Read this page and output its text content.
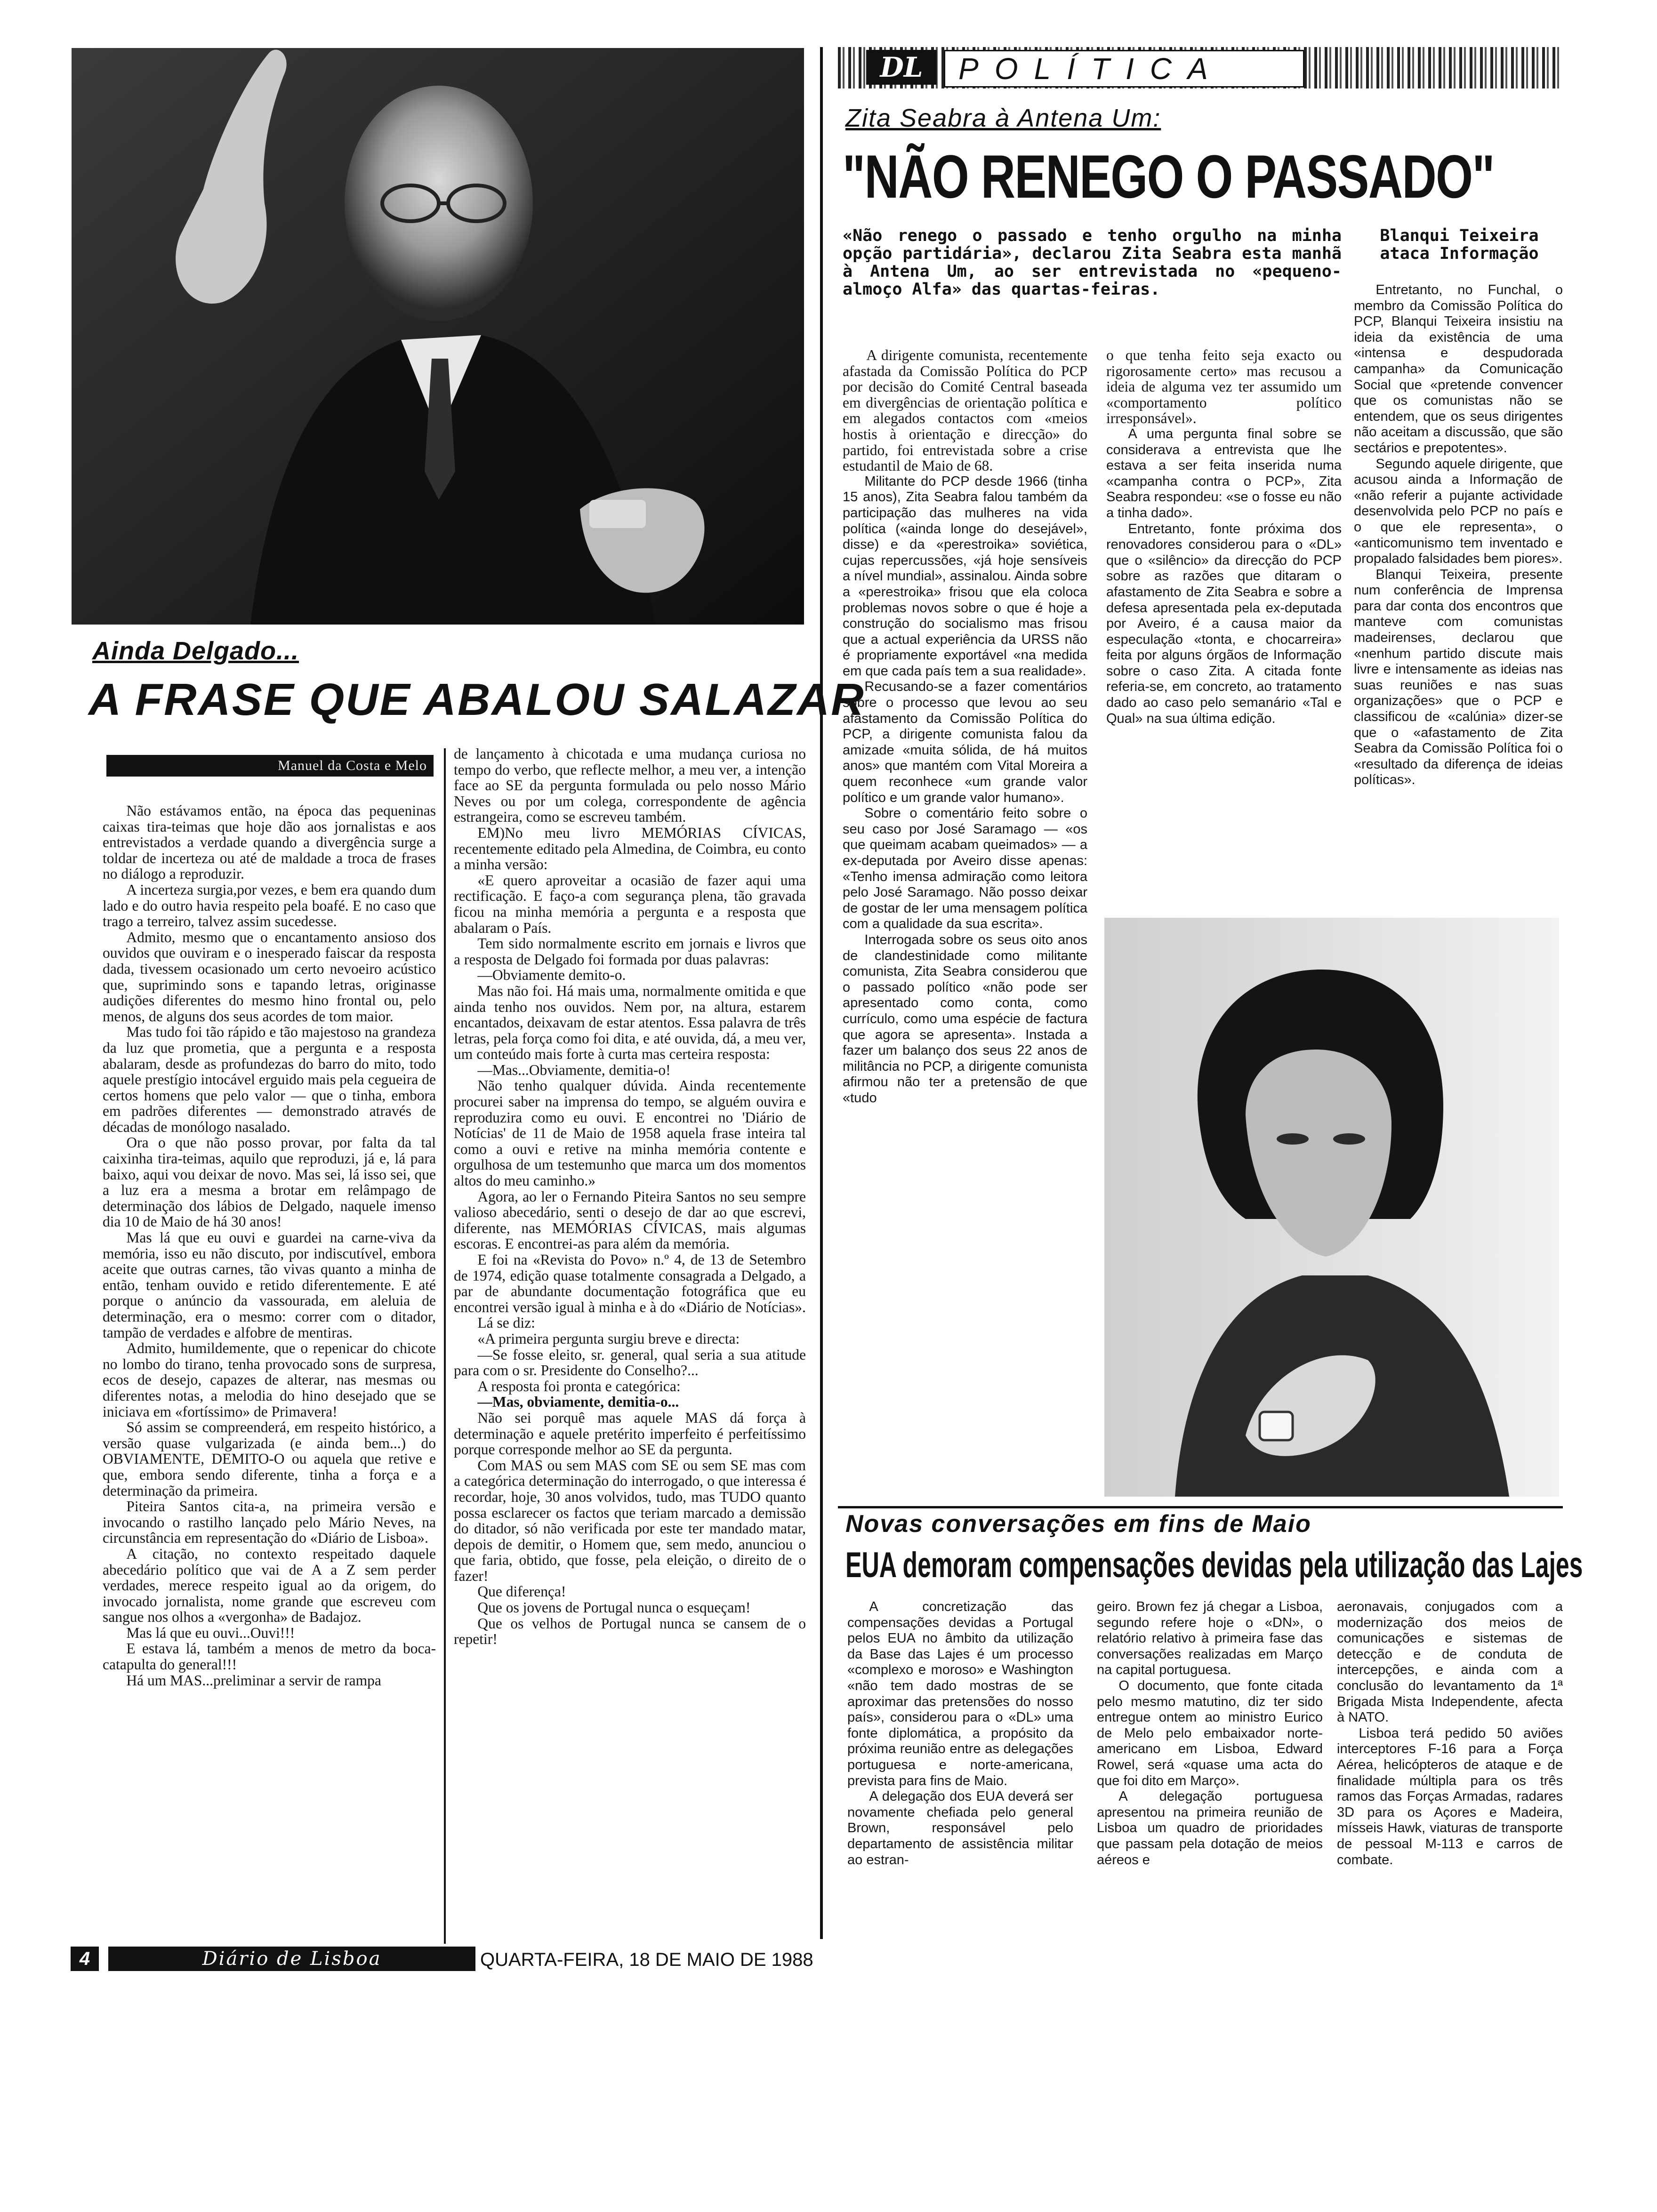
Ainda Delgado...
A FRASE QUE ABALOU SALAZAR
Manuel da Costa e Melo

Não estávamos então, na época das pequeninas caixas tira-teimas que hoje dão aos jornalistas e aos entrevistados a verdade quando a divergência surge a toldar de incerteza ou até de maldade a troca de frases no diálogo a reproduzir.

A incerteza surgia,por vezes, e bem era quando dum lado e do outro havia respeito pela boafé. E no caso que trago a terreiro, talvez assim sucedesse.

Admito, mesmo que o encantamento ansioso dos ouvidos que ouviram e o inesperado faiscar da resposta dada, tivessem ocasionado um certo nevoeiro acústico que, suprimindo sons e tapando letras, originasse audições diferentes do mesmo hino frontal ou, pelo menos, de alguns dos seus acordes de tom maior.

Mas tudo foi tão rápido e tão majestoso na grandeza da luz que prometia, que a pergunta e a resposta abalaram, desde as profundezas do barro do mito, todo aquele prestígio intocável erguido mais pela cegueira de certos homens que pelo valor — que o tinha, embora em padrões diferentes — demonstrado através de décadas de monólogo nasalado.

Ora o que não posso provar, por falta da tal caixinha tira-teimas, aquilo que reproduzi, já e, lá para baixo, aqui vou deixar de novo. Mas sei, lá isso sei, que a luz era a mesma a brotar em relâmpago de determinação dos lábios de Delgado, naquele imenso dia 10 de Maio de há 30 anos!

Mas lá que eu ouvi e guardei na carne-viva da memória, isso eu não discuto, por indiscutível, embora aceite que outras carnes, tão vivas quanto a minha de então, tenham ouvido e retido diferentemente. E até porque o anúncio da vassourada, em aleluia de determinação, era o mesmo: correr com o ditador, tampão de verdades e alfobre de mentiras.

Admito, humildemente, que o repenicar do chicote no lombo do tirano, tenha provocado sons de surpresa, ecos de desejo, capazes de alterar, nas mesmas ou diferentes notas, a melodia do hino desejado que se iniciava em «fortíssimo» de Primavera!

Só assim se compreenderá, em respeito histórico, a versão quase vulgarizada (e ainda bem...) do OBVIAMENTE, DEMITO-O ou aquela que retive e que, embora sendo diferente, tinha a força e a determinação da primeira.

Piteira Santos cita-a, na primeira versão e invocando o rastilho lançado pelo Mário Neves, na circunstância em representação do «Diário de Lisboa».

A citação, no contexto respeitado daquele abecedário político que vai de A a Z sem perder verdades, merece respeito igual ao da origem, do invocado jornalista, nome grande que escreveu com sangue nos olhos a «vergonha» de Badajoz.

Mas lá que eu ouvi...Ouvi!!!

E estava lá, também a menos de metro da boca-catapulta do general!!!

Há um MAS...preliminar a servir de rampa

de lançamento à chicotada e uma mudança curiosa no tempo do verbo, que reflecte melhor, a meu ver, a intenção face ao SE da pergunta formulada ou pelo nosso Mário Neves ou por um colega, correspondente de agência estrangeira, como se escreveu também.

EM)No meu livro MEMÓRIAS CÍVICAS, recentemente editado pela Almedina, de Coimbra, eu conto a minha versão:

«E quero aproveitar a ocasião de fazer aqui uma rectificação. E faço-a com segurança plena, tão gravada ficou na minha memória a pergunta e a resposta que abalaram o País.

Tem sido normalmente escrito em jornais e livros que a resposta de Delgado foi formada por duas palavras:

—Obviamente demito-o.

Mas não foi. Há mais uma, normalmente omitida e que ainda tenho nos ouvidos. Nem por, na altura, estarem encantados, deixavam de estar atentos. Essa palavra de três letras, pela força como foi dita, e até ouvida, dá, a meu ver, um conteúdo mais forte à curta mas certeira resposta:

—Mas...Obviamente, demitia-o!

Não tenho qualquer dúvida. Ainda recentemente procurei saber na imprensa do tempo, se alguém ouvira e reproduzira como eu ouvi. E encontrei no 'Diário de Notícias' de 11 de Maio de 1958 aquela frase inteira tal como a ouvi e retive na minha memória contente e orgulhosa de um testemunho que marca um dos momentos altos do meu caminho.»

Agora, ao ler o Fernando Piteira Santos no seu sempre valioso abecedário, senti o desejo de dar ao que escrevi, diferente, nas MEMÓRIAS CÍVICAS, mais algumas escoras. E encontrei-as para além da memória.

E foi na «Revista do Povo» n.º 4, de 13 de Setembro de 1974, edição quase totalmente consagrada a Delgado, a par de abundante documentação fotográfica que eu encontrei versão igual à minha e à do «Diário de Notícias».

Lá se diz:

«A primeira pergunta surgiu breve e directa:

—Se fosse eleito, sr. general, qual seria a sua atitude para com o sr. Presidente do Conselho?...

A resposta foi pronta e categórica:

—Mas, obviamente, demitia-o...

Não sei porquê mas aquele MAS dá força à determinação e aquele pretérito imperfeito é perfeitíssimo porque corresponde melhor ao SE da pergunta.

Com MAS ou sem MAS com SE ou sem SE mas com a categórica determinação do interrogado, o que interessa é recordar, hoje, 30 anos volvidos, tudo, mas TUDO quanto possa esclarecer os factos que teriam marcado a demissão do ditador, só não verificada por este ter mandado matar, depois de demitir, o Homem que, sem medo, anunciou o que faria, obtido, que fosse, pela eleição, o direito de o fazer!

Que diferença!

Que os jovens de Portugal nunca o esqueçam!

Que os velhos de Portugal nunca se cansem de o repetir!

DL	POLÍTICA
Zita Seabra à Antena Um:
"NÃO RENEGO O PASSADO"
«Não renego o passado e tenho orgulho na minha opção partidária», declarou Zita Seabra esta manhã à Antena Um, ao ser entrevistada no «pequeno-almoço Alfa» das quartas-feiras.

A dirigente comunista, recentemente afastada da Comissão Política do PCP por decisão do Comité Central baseada em divergências de orientação política e em alegados contactos com «meios hostis à orientação e direcção» do partido, foi entrevistada sobre a crise estudantil de Maio de 68.

Militante do PCP desde 1966 (tinha 15 anos), Zita Seabra falou também da participação das mulheres na vida política («ainda longe do desejável», disse) e da «perestroika» soviética, cujas repercussões, «já hoje sensíveis a nível mundial», assinalou. Ainda sobre a «perestroika» frisou que ela coloca problemas novos sobre o que é hoje a construção do socialismo mas frisou que a actual experiência da URSS não é propriamente exportável «na medida em que cada país tem a sua realidade».

Recusando-se a fazer comentários sobre o processo que levou ao seu afastamento da Comissão Política do PCP, a dirigente comunista falou da amizade «muita sólida, de há muitos anos» que mantém com Vital Moreira a quem reconhece «um grande valor político e um grande valor humano».

Sobre o comentário feito sobre o seu caso por José Saramago — «os que queimam acabam queimados» — a ex-deputada por Aveiro disse apenas: «Tenho imensa admiração como leitora pelo José Saramago. Não posso deixar de gostar de ler uma mensagem política com a qualidade da sua escrita».

Interrogada sobre os seus oito anos de clandestinidade como militante comunista, Zita Seabra considerou que o passado político «não pode ser apresentado como conta, como currículo, como uma espécie de factura que agora se apresenta». Instada a fazer um balanço dos seus 22 anos de militância no PCP, a dirigente comunista afirmou não ter a pretensão de que «tudo

o que tenha feito seja exacto ou rigorosamente certo» mas recusou a ideia de alguma vez ter assumido um «comportamento político irresponsável».

A uma pergunta final sobre se considerava a entrevista que lhe estava a ser feita inserida numa «campanha contra o PCP», Zita Seabra respondeu: «se o fosse eu não a tinha dado».

Entretanto, fonte próxima dos renovadores considerou para o «DL» que o «silêncio» da direcção do PCP sobre as razões que ditaram o afastamento de Zita Seabra e sobre a defesa apresentada pela ex-deputada por Aveiro, é a causa maior da especulação «tonta, e chocarreira» feita por alguns órgãos de Informação sobre o caso Zita. A citada fonte referia-se, em concreto, ao tratamento dado ao caso pelo semanário «Tal e Qual» na sua última edição.

Blanqui Teixeira ataca Informação

Entretanto, no Funchal, o membro da Comissão Política do PCP, Blanqui Teixeira insistiu na ideia da existência de uma «intensa e despudorada campanha» da Comunicação Social que «pretende convencer que os comunistas não se entendem, que os seus dirigentes não aceitam a discussão, que são sectários e prepotentes».

Segundo aquele dirigente, que acusou ainda a Informação de «não referir a pujante actividade desenvolvida pelo PCP no país e o que ele representa», o «anticomunismo tem inventado e propalado falsidades bem piores».

Blanqui Teixeira, presente num conferência de Imprensa para dar conta dos encontros que manteve com comunistas madeirenses, declarou que «nenhum partido discute mais livre e intensamente as ideias nas suas reuniões e nas suas organizações» que o PCP e classificou de «calúnia» dizer-se que o «afastamento de Zita Seabra da Comissão Política foi o «resultado da diferença de ideias políticas».

Novas conversações em fins de Maio
EUA demoram compensações devidas pela utilização das Lajes

A concretização das compensações devidas a Portugal pelos EUA no âmbito da utilização da Base das Lajes é um processo «complexo e moroso» e Washington «não tem dado mostras de se aproximar das pretensões do nosso país», considerou para o «DL» uma fonte diplomática, a propósito da próxima reunião entre as delegações portuguesa e norte-americana, prevista para fins de Maio.

A delegação dos EUA deverá ser novamente chefiada pelo general Brown, responsável pelo departamento de assistência militar ao estran-

geiro. Brown fez já chegar a Lisboa, segundo refere hoje o «DN», o relatório relativo à primeira fase das conversações realizadas em Março na capital portuguesa.

O documento, que fonte citada pelo mesmo matutino, diz ter sido entregue ontem ao ministro Eurico de Melo pelo embaixador norte-americano em Lisboa, Edward Rowel, será «quase uma acta do que foi dito em Março».

A delegação portuguesa apresentou na primeira reunião de Lisboa um quadro de prioridades que passam pela dotação de meios aéreos e

aeronavais, conjugados com a modernização dos meios de comunicações e sistemas de detecção e de conduta de intercepções, e ainda com a conclusão do levantamento da 1ª Brigada Mista Independente, afecta à NATO.

Lisboa terá pedido 50 aviões interceptores F-16 para a Força Aérea, helicópteros de ataque e de finalidade múltipla para os três ramos das Forças Armadas, radares 3D para os Açores e Madeira, mísseis Hawk, viaturas de transporte de pessoal M-113 e carros de combate.

4	Diário de Lisboa	QUARTA-FEIRA, 18 DE MAIO DE 1988
